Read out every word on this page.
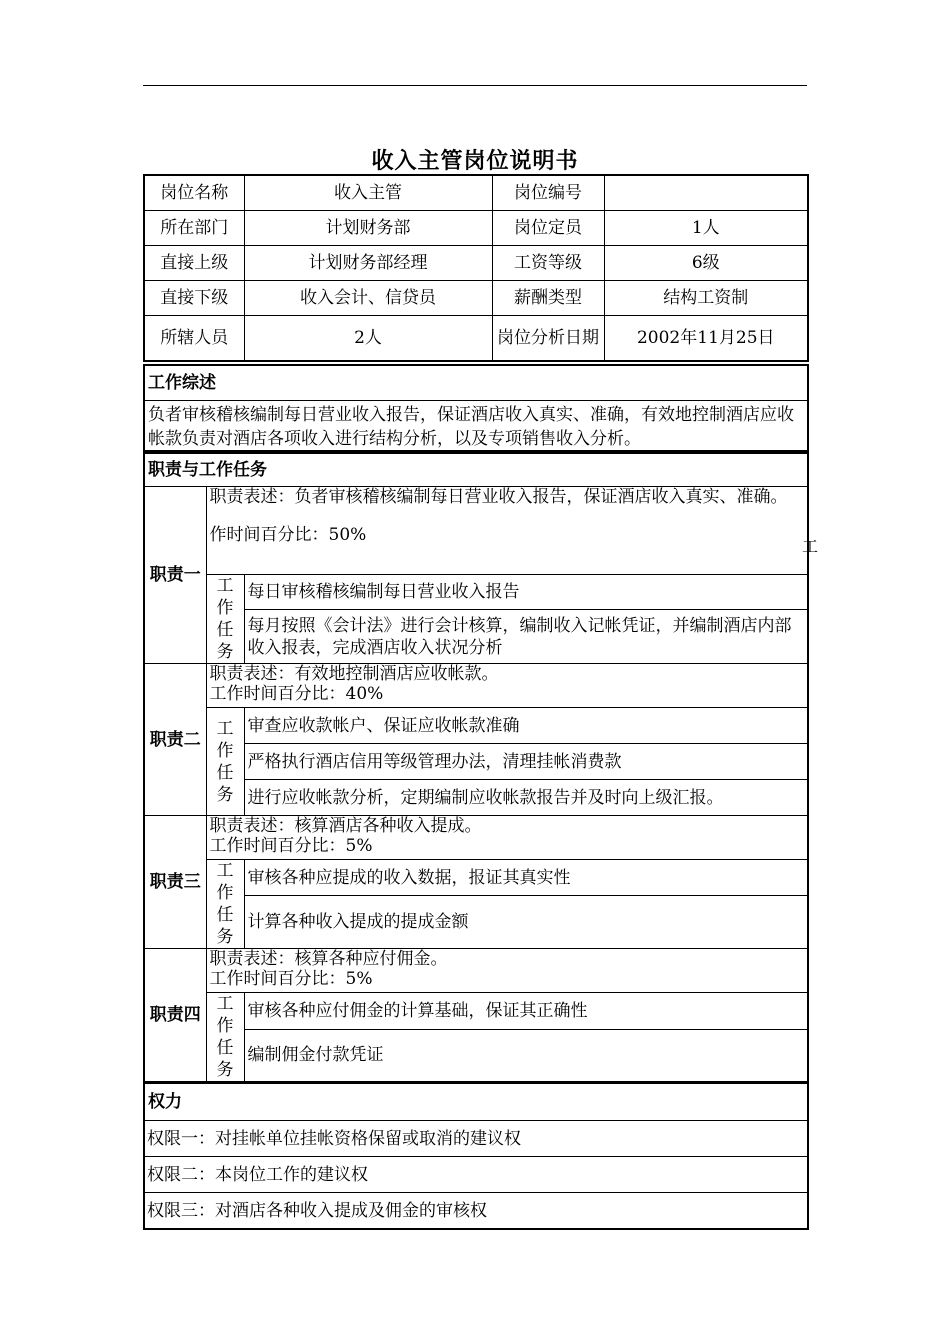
收入主管岗位说明书
岗位名称	收入主管	岗位编号	
所在部门	计划财务部	岗位定员	1人
直接上级	计划财务部经理	工资等级	6级
直接下级	收入会计、信贷员	薪酬类型	结构工资制
所辖人员	2人	岗位分析日期	2002年11月25日
工作综述
负者审核稽核编制每日营业收入报告，保证酒店收入真实、准确，有效地控制酒店应收帐款负责对酒店各项收入进行结构分析，以及专项销售收入分析。
职责与工作任务
职责一	职责表述：负者审核稽核编制每日营业收入报告，保证酒店收入真实、准确。
作时间百分比：50%	

	工作任务	每日审核稽核编制每日营业收入报告
		每月按照《会计法》进行会计核算，编制收入记帐凭证，并编制酒店内部收入报表，完成酒店收入状况分析
职责二	职责表述：有效地控制酒店应收帐款。
工作时间百分比：40%	

	工作任务	审查应收款帐户、保证应收帐款准确
		严格执行酒店信用等级管理办法，清理挂帐消费款
		进行应收帐款分析，定期编制应收帐款报告并及时向上级汇报。
职责三	职责表述：核算酒店各种收入提成。
工作时间百分比：5%	

	工作任务	审核各种应提成的收入数据，报证其真实性
		计算各种收入提成的提成金额
职责四	职责表述：核算各种应付佣金。
工作时间百分比：5%	

	工作任务	审核各种应付佣金的计算基础，保证其正确性
		编制佣金付款凭证
权力
权限一：对挂帐单位挂帐资格保留或取消的建议权
权限二：本岗位工作的建议权
权限三：对酒店各种收入提成及佣金的审核权
工
